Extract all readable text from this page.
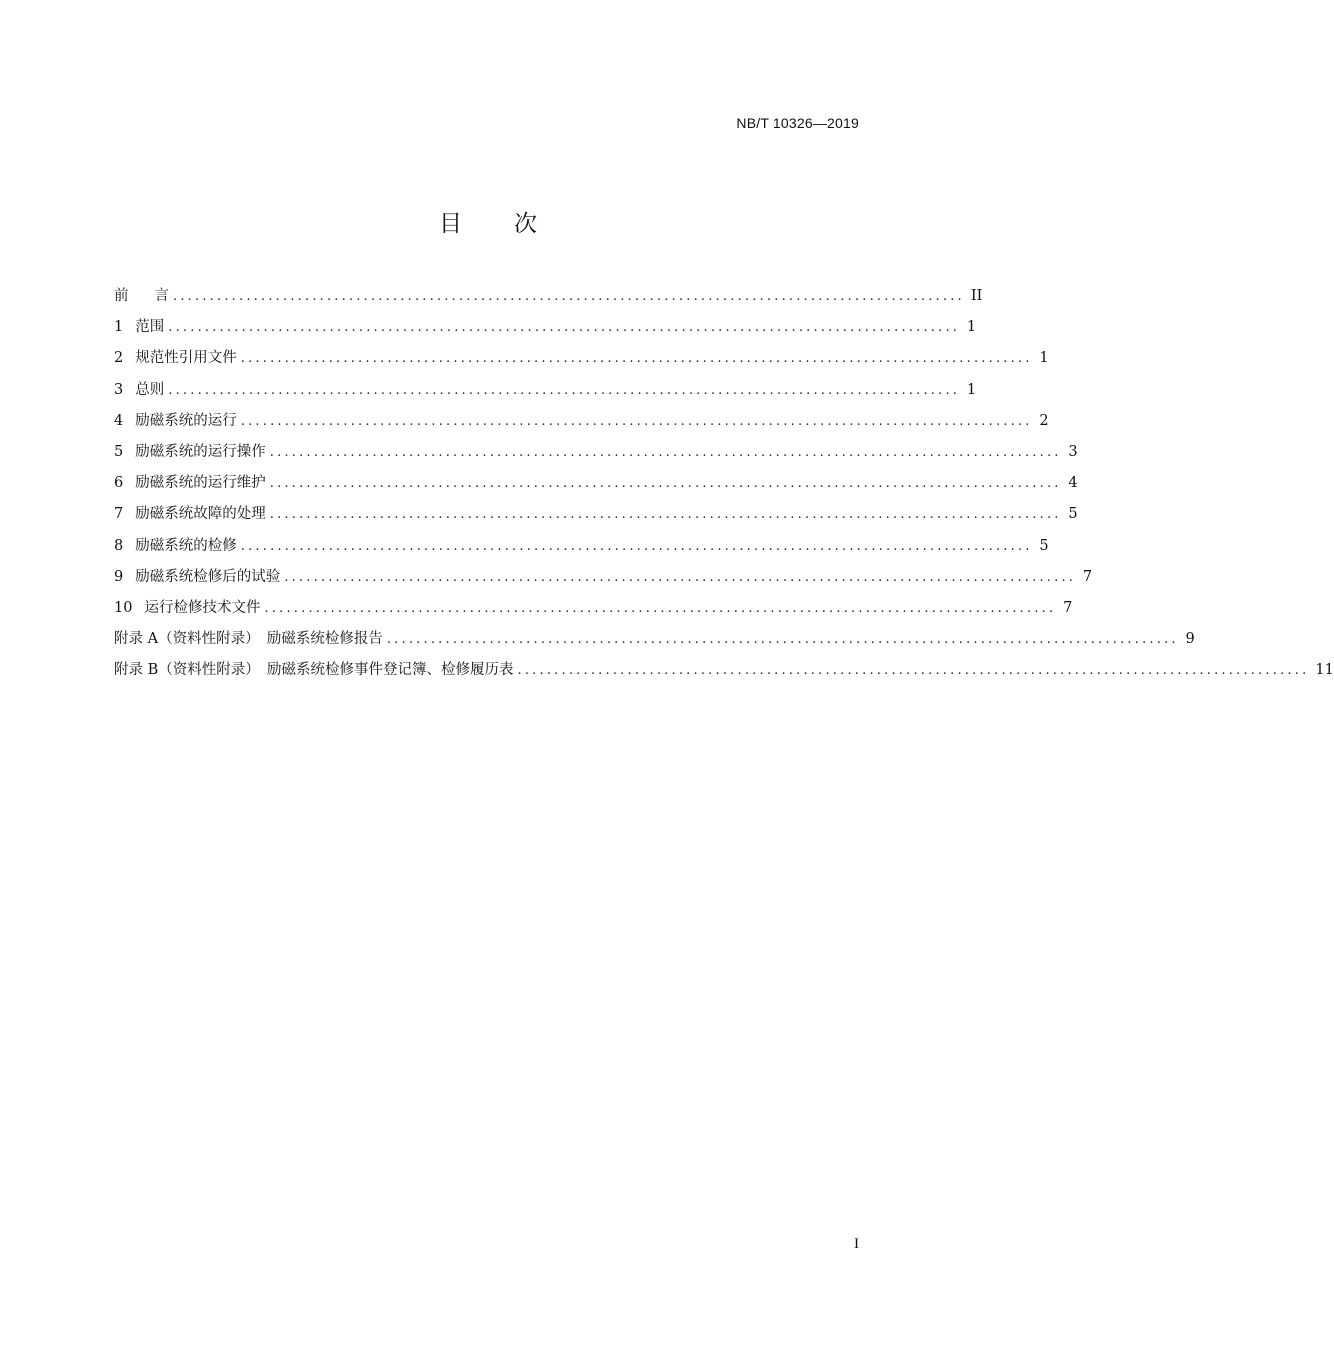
NB/T 10326—2019
目 次
前 言 ............................................................................................................ II
1 范围 ............................................................................................................ 1
2 规范性引用文件 ............................................................................................................ 1
3 总则 ............................................................................................................ 1
4 励磁系统的运行 ............................................................................................................ 2
5 励磁系统的运行操作 ............................................................................................................ 3
6 励磁系统的运行维护 ............................................................................................................ 4
7 励磁系统故障的处理 ............................................................................................................ 5
8 励磁系统的检修 ............................................................................................................ 5
9 励磁系统检修后的试验 ............................................................................................................ 7
10 运行检修技术文件 ............................................................................................................ 7
附录 A（资料性附录）　励磁系统检修报告 ............................................................................................................ 9
附录 B（资料性附录）　励磁系统检修事件登记簿、检修履历表 ............................................................................................................ 11
I
